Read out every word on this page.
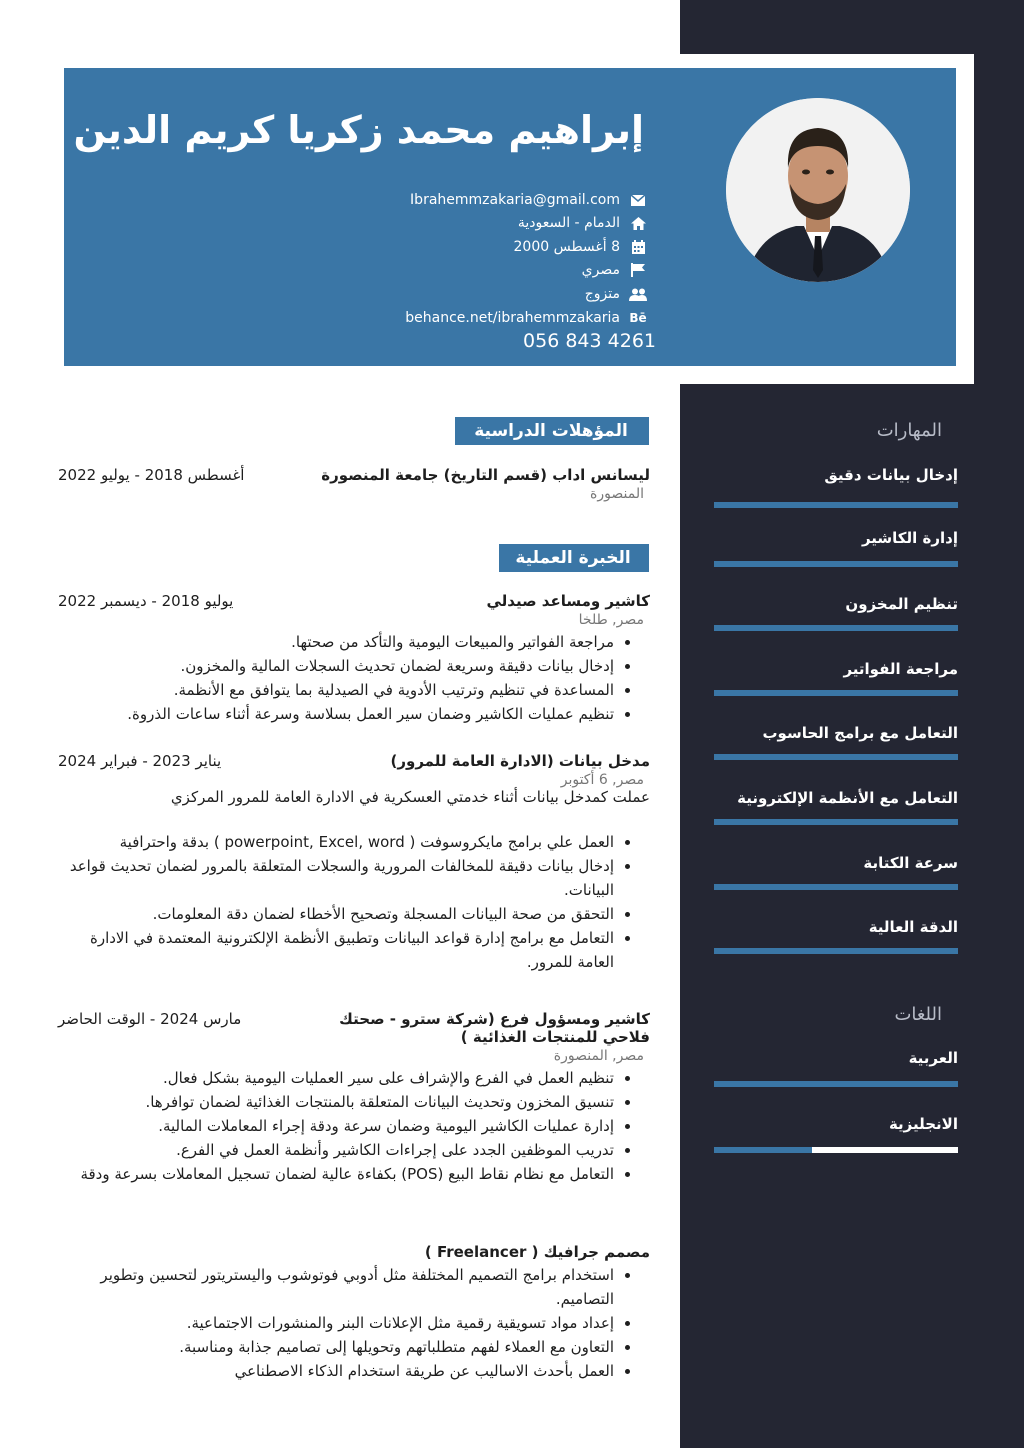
إبراهيم محمد زكريا كريم الدين
Ibrahemmzakaria@gmail.com
الدمام - السعودية
8 أغسطس 2000
مصري
متزوج
behance.net/ibrahemmzakaria Bē
056 843 4261
المؤهلات الدراسية
أغسطس 2018 - يوليو 2022	ليسانس اداب (قسم التاريخ) جامعة المنصورة
المنصورة
الخبرة العملية
يوليو 2018 - ديسمبر 2022	كاشير ومساعد صيدلي
مصر, طلخا
• مراجعة الفواتير والمبيعات اليومية والتأكد من صحتها.
• إدخال بيانات دقيقة وسريعة لضمان تحديث السجلات المالية والمخزون.
• المساعدة في تنظيم وترتيب الأدوية في الصيدلية بما يتوافق مع الأنظمة.
• تنظيم عمليات الكاشير وضمان سير العمل بسلاسة وسرعة أثناء ساعات الذروة.
يناير 2023 - فبراير 2024	مدخل بيانات (الادارة العامة للمرور)
مصر, 6 أكتوبر
عملت كمدخل بيانات أثناء خدمتي العسكرية في الادارة العامة للمرور المركزي
• العمل علي برامج مايكروسوفت ( powerpoint, Excel, word ) بدقة واحترافية
• إدخال بيانات دقيقة للمخالفات المرورية والسجلات المتعلقة بالمرور لضمان تحديث قواعد البيانات.
• التحقق من صحة البيانات المسجلة وتصحيح الأخطاء لضمان دقة المعلومات.
• التعامل مع برامج إدارة قواعد البيانات وتطبيق الأنظمة الإلكترونية المعتمدة في الادارة العامة للمرور.
مارس 2024 - الوقت الحاضر	كاشير ومسؤول فرع (شركة سترو - صحتك فلاحي للمنتجات الغذائية )
مصر, المنصورة
• تنظيم العمل في الفرع والإشراف على سير العمليات اليومية بشكل فعال.
• تنسيق المخزون وتحديث البيانات المتعلقة بالمنتجات الغذائية لضمان توافرها.
• إدارة عمليات الكاشير اليومية وضمان سرعة ودقة إجراء المعاملات المالية.
• تدريب الموظفين الجدد على إجراءات الكاشير وأنظمة العمل في الفرع.
• التعامل مع نظام نقاط البيع (POS) بكفاءة عالية لضمان تسجيل المعاملات بسرعة ودقة
مصمم جرافيك ( Freelancer )
• استخدام برامج التصميم المختلفة مثل أدوبي فوتوشوب واليستريتور لتحسين وتطوير التصاميم.
• إعداد مواد تسويقية رقمية مثل الإعلانات البنر والمنشورات الاجتماعية.
• التعاون مع العملاء لفهم متطلباتهم وتحويلها إلى تصاميم جذابة ومناسبة.
• العمل بأحدث الاساليب عن طريقة استخدام الذكاء الاصطناعي
المهارات
إدخال بيانات دقيق
إدارة الكاشير
تنظيم المخزون
مراجعة الفواتير
التعامل مع برامج الحاسوب
التعامل مع الأنظمة الإلكترونية
سرعة الكتابة
الدقة العالية
اللغات
العربية
الانجليزية
